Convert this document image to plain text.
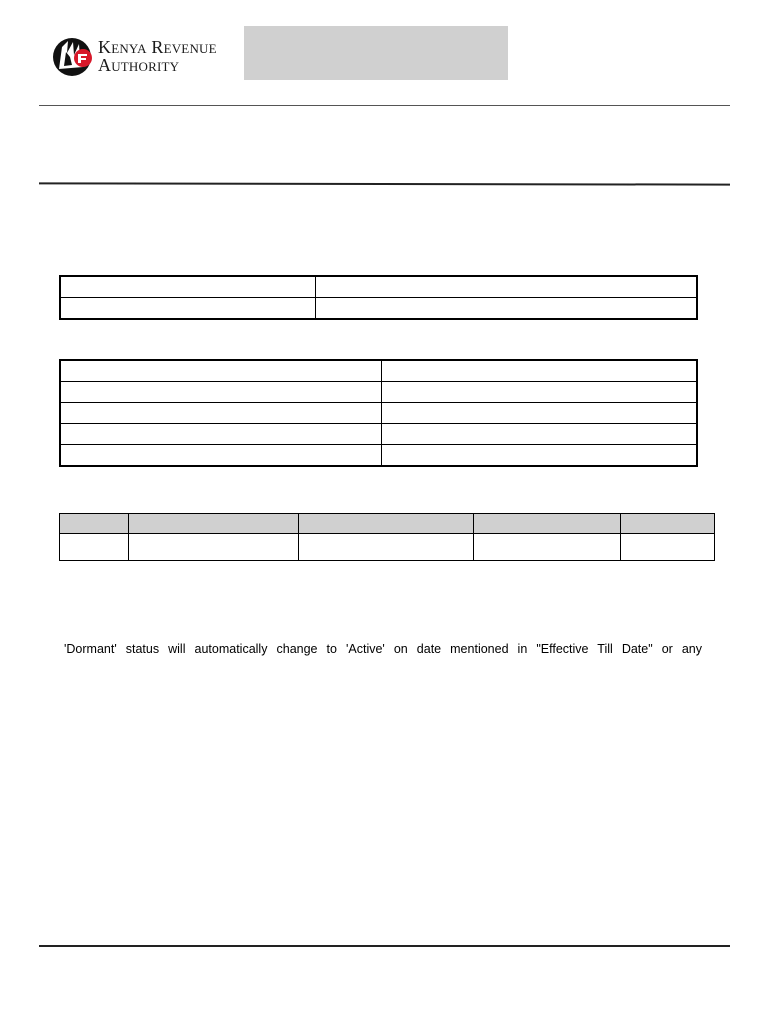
Kenya Revenue
Authority

'Dormant' status will automatically change to 'Active' on date mentioned in "Effective Till Date" or any
